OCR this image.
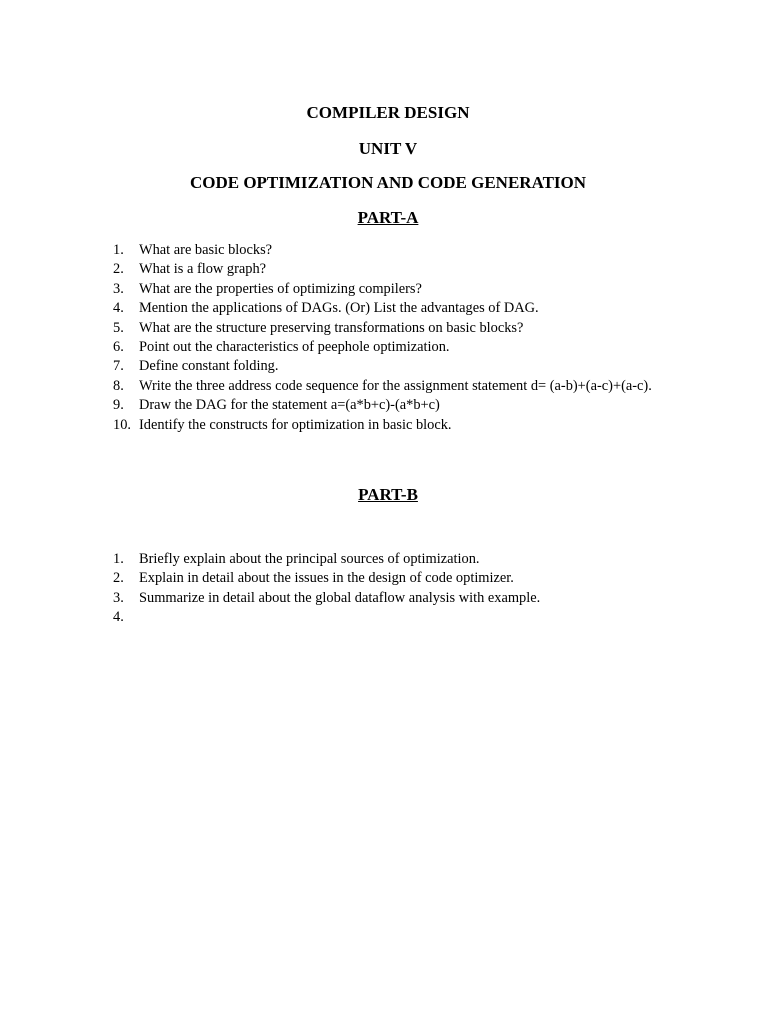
COMPILER DESIGN
UNIT V
CODE OPTIMIZATION AND CODE GENERATION
PART-A
1. What are basic blocks?
2. What is a flow graph?
3. What are the properties of optimizing compilers?
4. Mention the applications of DAGs. (Or) List the advantages of DAG.
5. What are the structure preserving transformations on basic blocks?
6. Point out the characteristics of peephole optimization.
7. Define constant folding.
8. Write the three address code sequence for the assignment statement d= (a-b)+(a-c)+(a-c).
9. Draw the DAG for the statement a=(a*b+c)-(a*b+c)
10. Identify the constructs for optimization in basic block.
PART-B
1. Briefly explain about the principal sources of optimization.
2. Explain in detail about the issues in the design of code optimizer.
3. Summarize in detail about the global dataflow analysis with example.
4.
